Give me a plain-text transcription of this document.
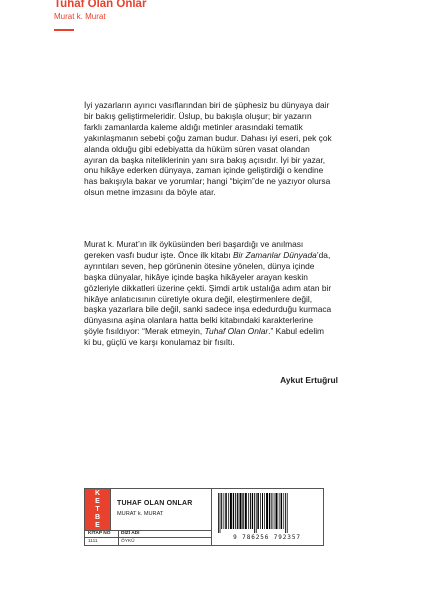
Tuhaf Olan Onlar
Murat k. Murat

İyi yazarların ayırıcı vasıflarından biri de şüphesiz bu dünyaya dair bir bakış geliştirmeleridir. Üslup, bu bakışla oluşur; bir yazarın farklı zamanlarda kaleme aldığı metinler arasındaki tematik yakınlaşmanın sebebi çoğu zaman budur. Dahası iyi eseri, pek çok alanda olduğu gibi edebiyatta da hüküm süren vasat olandan ayıran da başka niteliklerinin yanı sıra bakış açısıdır. İyi bir yazar, onu hikâye ederken dünyaya, zaman içinde geliştirdiği o kendine has bakışıyla bakar ve yorumlar; hangi “biçim”de ne yazıyor olursa olsun metne imzasını da böyle atar.

Murat k. Murat’ın ilk öyküsünden beri başardığı ve anılması gereken vasfı budur işte. Önce ilk kitabı Bir Zamanlar Dünyada’da, ayrıntıları seven, hep görünenin ötesine yönelen, dünya içinde başka dünyalar, hikâye içinde başka hikâyeler arayan keskin gözleriyle dikkatleri üzerine çekti. Şimdi artık ustalığa adım atan bir hikâye anlatıcısının cüretiyle okura değil, eleştirmenlere değil, başka yazarlara bile değil, sanki sadece inşa ededurduğu kurmaca dünyasına aşina olanlara hatta belki kitabındaki karakterlerine şöyle fısıldıyor: “Merak etmeyin, Tuhaf Olan Onlar.” Kabul edelim ki bu, güçlü ve karşı konulamaz bir fısıltı.

Aykut Ertuğrul
K
E
T
B
E
TUHAF OLAN ONLAR
MURAT k. MURAT
KİTAP NO DİZİ ADI
1111	ÖYKÜ	9 786256 792357
